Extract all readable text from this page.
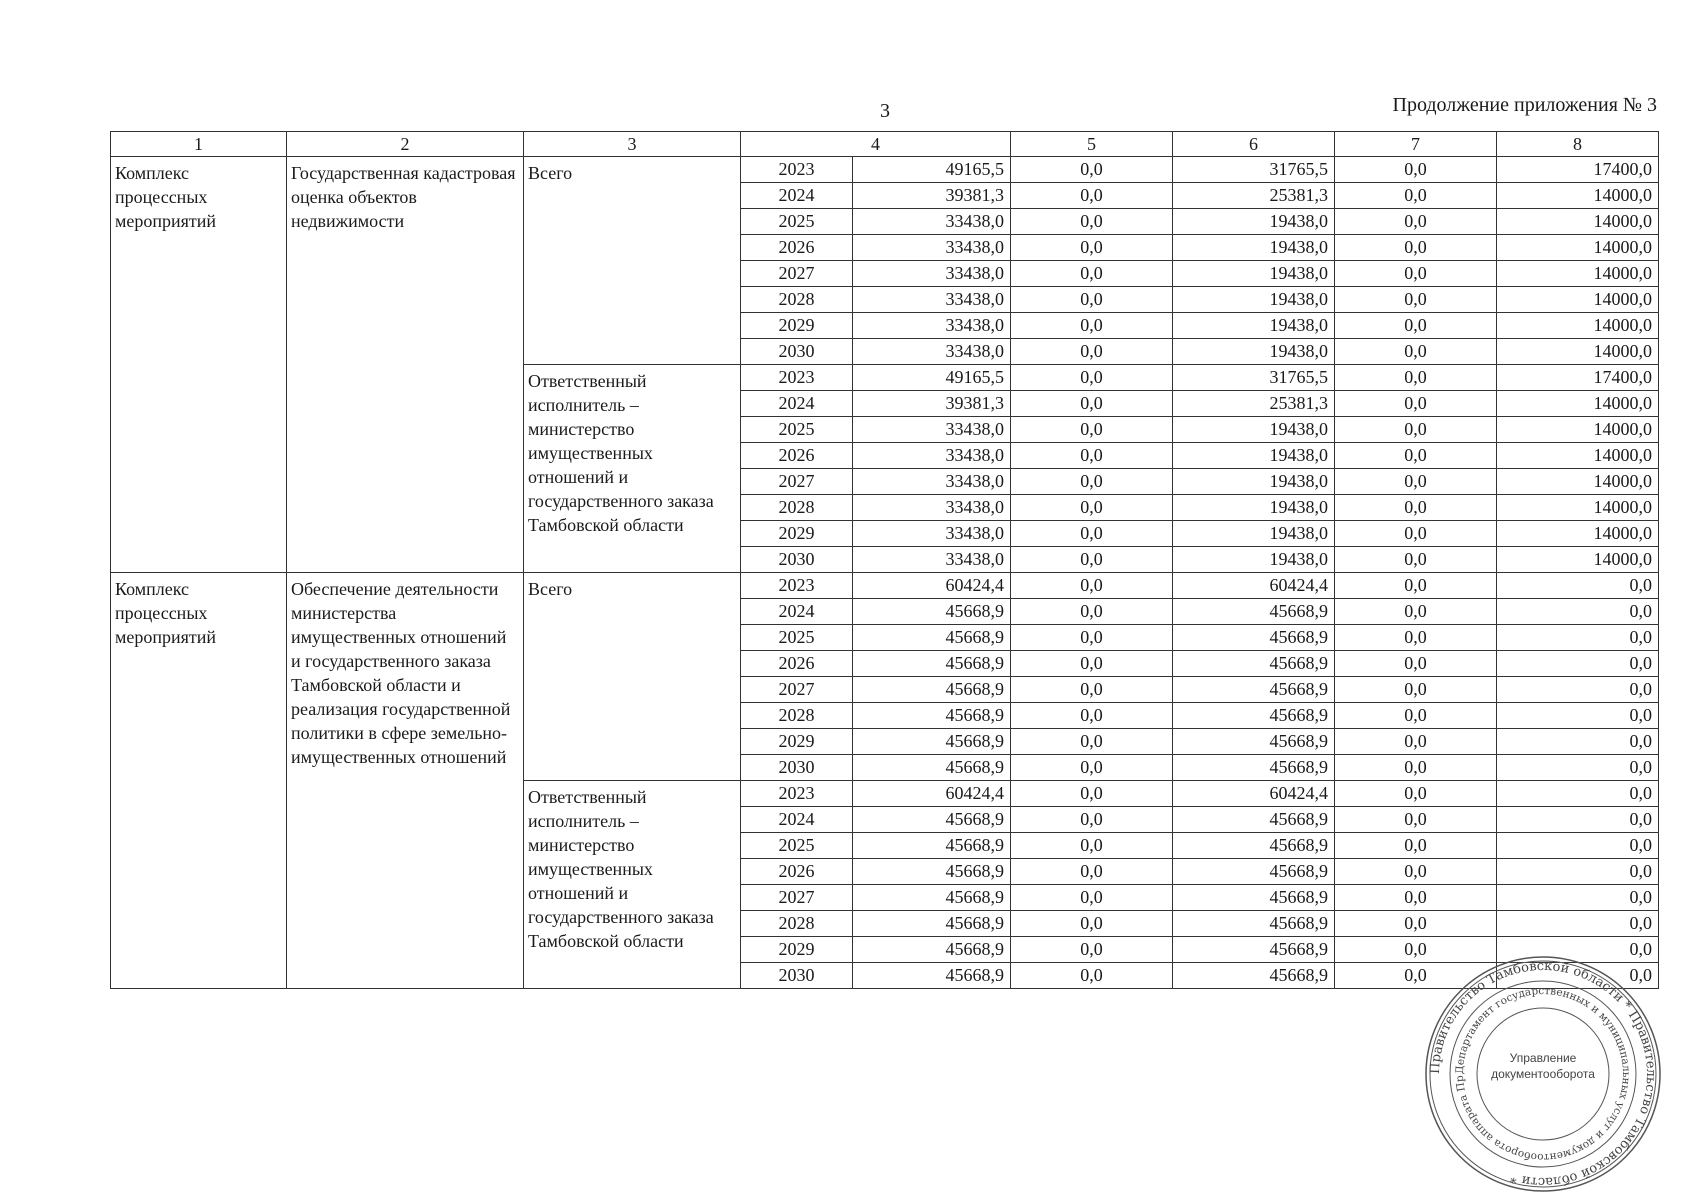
3	Продолжение приложения № 3
1	2	3	4		5	6	7	8
Комплекс процессных мероприятий	Государственная кадастровая оценка объектов недвижимости	Всего	2023	49165,5	0,0	31765,5	0,0	17400,0
			2024	39381,3	0,0	25381,3	0,0	14000,0
			2025	33438,0	0,0	19438,0	0,0	14000,0
			2026	33438,0	0,0	19438,0	0,0	14000,0
			2027	33438,0	0,0	19438,0	0,0	14000,0
			2028	33438,0	0,0	19438,0	0,0	14000,0
			2029	33438,0	0,0	19438,0	0,0	14000,0
			2030	33438,0	0,0	19438,0	0,0	14000,0
		Ответственный исполнитель – министерство имущественных отношений и государственного заказа Тамбовской области	2023	49165,5	0,0	31765,5	0,0	17400,0
			2024	39381,3	0,0	25381,3	0,0	14000,0
			2025	33438,0	0,0	19438,0	0,0	14000,0
			2026	33438,0	0,0	19438,0	0,0	14000,0
			2027	33438,0	0,0	19438,0	0,0	14000,0
			2028	33438,0	0,0	19438,0	0,0	14000,0
			2029	33438,0	0,0	19438,0	0,0	14000,0
			2030	33438,0	0,0	19438,0	0,0	14000,0
Комплекс процессных мероприятий	Обеспечение деятельности министерства имущественных отношений и государственного заказа Тамбовской области и реализация государственной политики в сфере земельно-имущественных отношений	Всего	2023	60424,4	0,0	60424,4	0,0	0,0
			2024	45668,9	0,0	45668,9	0,0	0,0
			2025	45668,9	0,0	45668,9	0,0	0,0
			2026	45668,9	0,0	45668,9	0,0	0,0
			2027	45668,9	0,0	45668,9	0,0	0,0
			2028	45668,9	0,0	45668,9	0,0	0,0
			2029	45668,9	0,0	45668,9	0,0	0,0
			2030	45668,9	0,0	45668,9	0,0	0,0
		Ответственный исполнитель – министерство имущественных отношений и государственного заказа Тамбовской области	2023	60424,4	0,0	60424,4	0,0	0,0
			2024	45668,9	0,0	45668,9	0,0	0,0
			2025	45668,9	0,0	45668,9	0,0	0,0
			2026	45668,9	0,0	45668,9	0,0	0,0
			2027	45668,9	0,0	45668,9	0,0	0,0
			2028	45668,9	0,0	45668,9	0,0	0,0
			2029	45668,9	0,0	45668,9	0,0	0,0
			2030	45668,9	0,0	45668,9	0,0	0,0
Правительство Тамбовской области * Правительство Тамбовской области *
Департамент государственных и муниципальных услуг и документооборота аппарата Пр
Управление
документооборота
